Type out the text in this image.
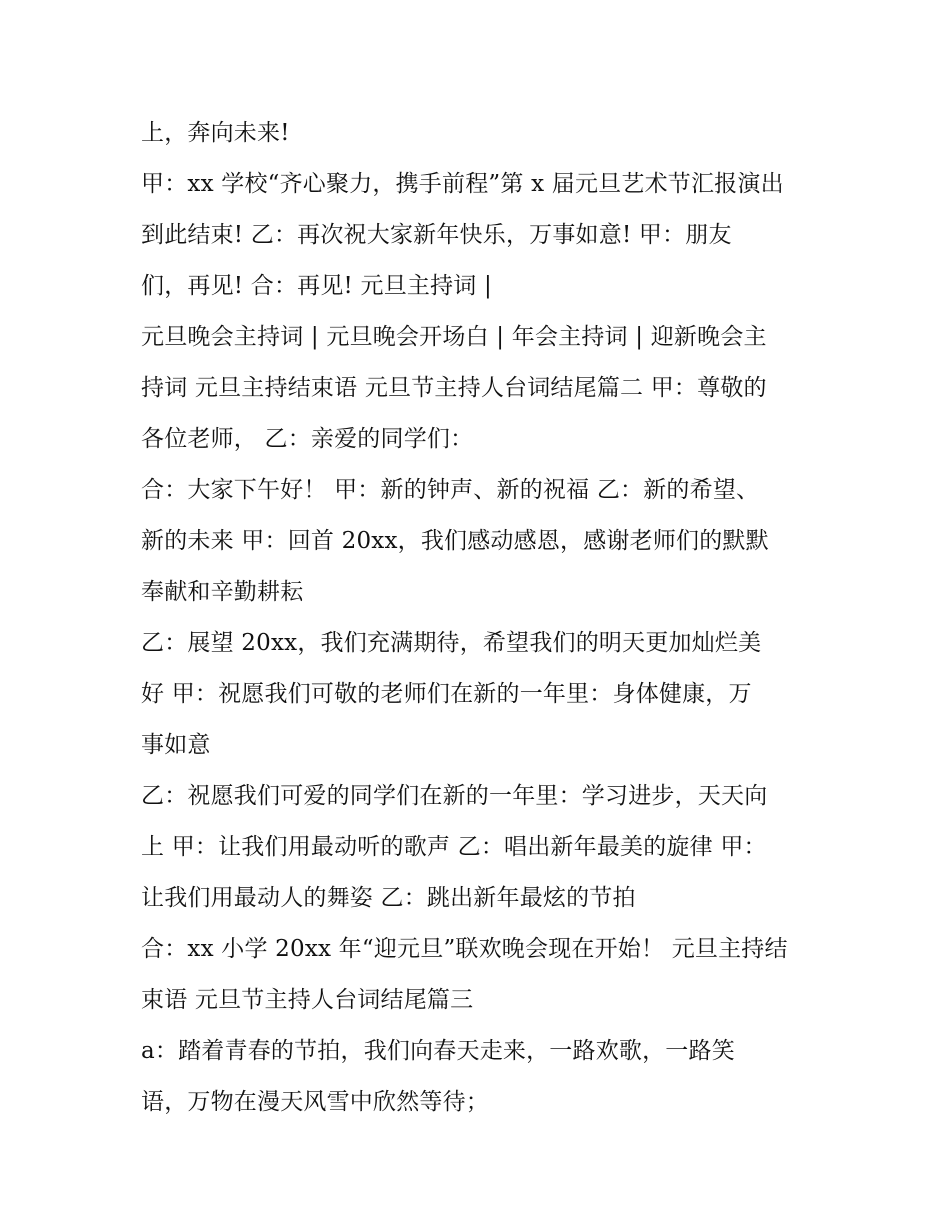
上，奔向未来!
甲：xx 学校“齐心聚力，携手前程”第 x 届元旦艺术节汇报演出
到此结束! 乙：再次祝大家新年快乐，万事如意! 甲：朋友
们，再见! 合：再见! 元旦主持词 |
元旦晚会主持词 | 元旦晚会开场白 | 年会主持词 | 迎新晚会主
持词 元旦主持结束语 元旦节主持人台词结尾篇二 甲：尊敬的
各位老师， 乙：亲爱的同学们：
合：大家下午好！ 甲：新的钟声、新的祝福 乙：新的希望、
新的未来 甲：回首 20xx，我们感动感恩，感谢老师们的默默
奉献和辛勤耕耘
乙：展望 20xx，我们充满期待，希望我们的明天更加灿烂美
好 甲：祝愿我们可敬的老师们在新的一年里：身体健康，万
事如意
乙：祝愿我们可爱的同学们在新的一年里：学习进步，天天向
上 甲：让我们用最动听的歌声 乙：唱出新年最美的旋律 甲：
让我们用最动人的舞姿 乙：跳出新年最炫的节拍
合：xx 小学 20xx 年“迎元旦”联欢晚会现在开始！ 元旦主持结
束语 元旦节主持人台词结尾篇三
a：踏着青春的节拍，我们向春天走来，一路欢歌，一路笑
语，万物在漫天风雪中欣然等待；
